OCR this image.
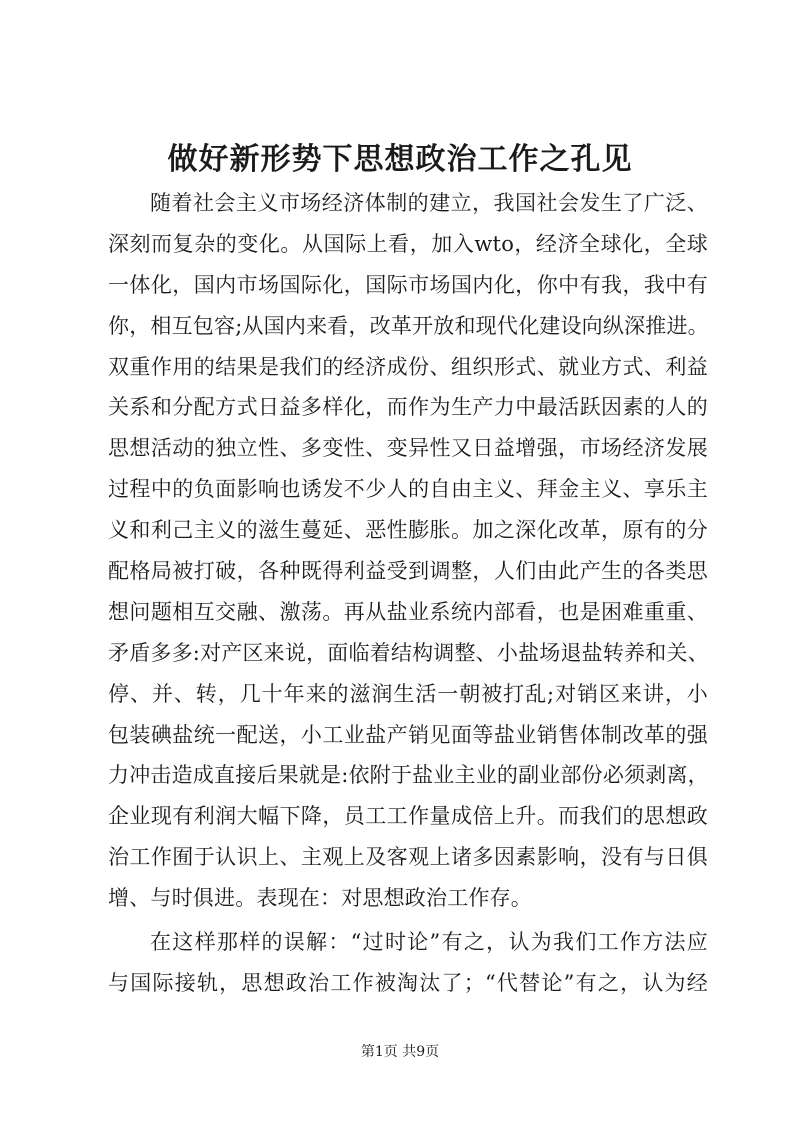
做好新形势下思想政治工作之孔见
随着社会主义市场经济体制的建立，我国社会发生了广泛、
深刻而复杂的变化。从国际上看，加入wto，经济全球化，全球
一体化，国内市场国际化，国际市场国内化，你中有我，我中有
你，相互包容;从国内来看，改革开放和现代化建设向纵深推进。
双重作用的结果是我们的经济成份、组织形式、就业方式、利益
关系和分配方式日益多样化，而作为生产力中最活跃因素的人的
思想活动的独立性、多变性、变异性又日益增强，市场经济发展
过程中的负面影响也诱发不少人的自由主义、拜金主义、享乐主
义和利己主义的滋生蔓延、恶性膨胀。加之深化改革，原有的分
配格局被打破，各种既得利益受到调整，人们由此产生的各类思
想问题相互交融、激荡。再从盐业系统内部看，也是困难重重、
矛盾多多:对产区来说，面临着结构调整、小盐场退盐转养和关、
停、并、转，几十年来的滋润生活一朝被打乱;对销区来讲，小
包装碘盐统一配送，小工业盐产销见面等盐业销售体制改革的强
力冲击造成直接后果就是:依附于盐业主业的副业部份必须剥离，
企业现有利润大幅下降，员工工作量成倍上升。而我们的思想政
治工作囿于认识上、主观上及客观上诸多因素影响，没有与日俱
增、与时俱进。表现在：对思想政治工作存。
在这样那样的误解：“过时论”有之，认为我们工作方法应
与国际接轨，思想政治工作被淘汰了；“代替论”有之，认为经
第1页 共9页
